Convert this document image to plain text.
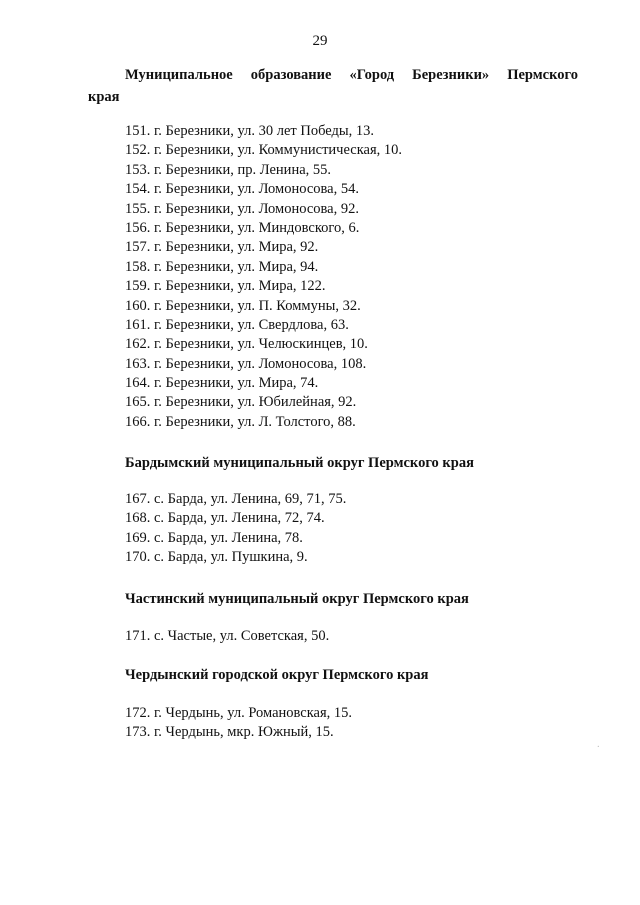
29
Муниципальное образование «Город Березники» Пермского
края
151. г. Березники, ул. 30 лет Победы, 13.
152. г. Березники, ул. Коммунистическая, 10.
153. г. Березники, пр. Ленина, 55.
154. г. Березники, ул. Ломоносова, 54.
155. г. Березники, ул. Ломоносова, 92.
156. г. Березники, ул. Миндовского, 6.
157. г. Березники, ул. Мира, 92.
158. г. Березники, ул. Мира, 94.
159. г. Березники, ул. Мира, 122.
160. г. Березники, ул. П. Коммуны, 32.
161. г. Березники, ул. Свердлова, 63.
162. г. Березники, ул. Челюскинцев, 10.
163. г. Березники, ул. Ломоносова, 108.
164. г. Березники, ул. Мира, 74.
165. г. Березники, ул. Юбилейная, 92.
166. г. Березники, ул. Л. Толстого, 88.
Бардымский муниципальный округ Пермского края
167. с. Барда, ул. Ленина, 69, 71, 75.
168. с. Барда, ул. Ленина, 72, 74.
169. с. Барда, ул. Ленина, 78.
170. с. Барда, ул. Пушкина, 9.
Частинский муниципальный округ Пермского края
171. с. Частые, ул. Советская, 50.
Чердынский городской округ Пермского края
172. г. Чердынь, ул. Романовская, 15.
173. г. Чердынь, мкр. Южный, 15.
·
